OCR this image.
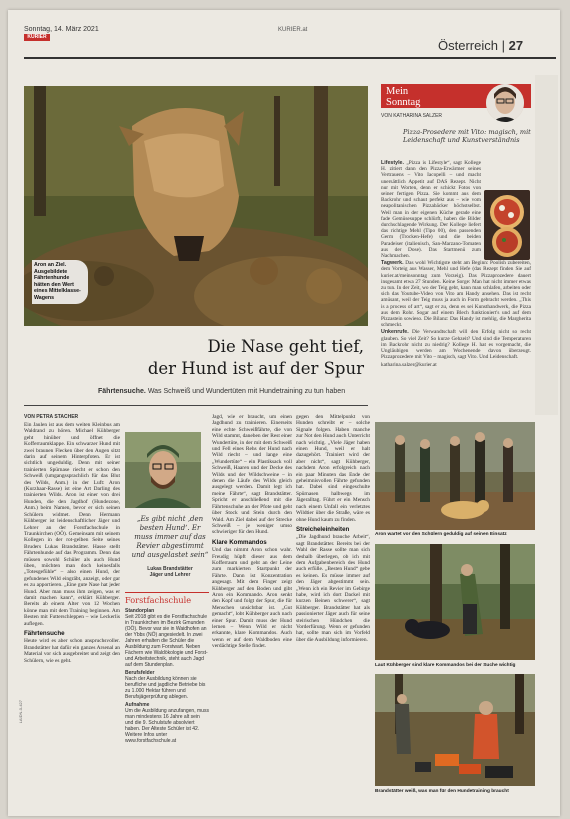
Sonntag, 14. März 2021
KURIER
KURIER.at
Österreich | 27
Aron an Ziel. Ausgebildete Fährtenhunde hätten den Wert eines Mittelklasse-Wagens
Die Nase geht tief,
der Hund ist auf der Spur
Fährtensuche. Was Schweiß und Wundertüten mit Hundetraining zu tun haben
Mein
Sonntag
VON KATHARINA SALZER
Pizza-Prosedere mit Vito: magisch, mit Leidenschaft und Kunstverständnis
Lifestyle. „Pizza is Lifestyle“, sagt Kollege H. zitiert dann den Pizza-Erwärmer seines Vertrauens – Vito Iacopelli – und macht unersättlich Appetit auf DAS Rezept. Nicht nur mit Worten, denn er schickt Fotos von seiner fertigen Pizza. Sie kommt aus dem Backrohr und schaut perfekt aus – wie vom neapolitanischen Pizzabäcker höchstselbst. Weil man in der eigenen Küche gerade eine fade Gemüsesuppe schlürft, haben die Bilder durchschlagende Wirkung. Der Kollege liefert das richtige Mehl (Tipo 00), den passenden Germ (Trocken-Hefe) und die beiden Paradeiser (italienisch, San-Marzano-Tomaten aus der Dose). Das Startmenü zum Nachmachen.
Tagwerk. Das wohl Wichtigste steht am Beginn: Poolish zubereiten, dem Vorteig aus Wasser, Mehl und Hefe (das Rezept finden Sie auf kurier.at/meinsonntag zum Vorzeig). Das Pizzaprozedere dauert insgesamt etwa 27 Stunden. Keine Sorge: Man hat nicht immer etwas zu tun. In der Zeit, wo der Teig geht, kann man schlafen, arbeiten oder sich das Youtube-Video von Vito am Handy ansehen. Das ist recht amüsant, weil der Teig muss ja auch in Form gebracht werden. „This is a process of art“, sagt er zu, denn es sei Kunsthandwerk, die Pizza aus dem Rohr. Sogar auf einem Blech funktioniert's und auf dem Pizzastein sowieso. Die Bilanz: Das Handy ist mehlig, die Margherita schmeckt.
Unkenrufe. Die Verwandtschaft will den Erfolg nicht so recht glauben. So viel Zeit? So kurze Gehzeit? Und sind die Temperaturen im Backrohr nicht zu niedrig? Kollege H. hat es vorgemacht, die Ungläubigen werden am Wochenende davon überzeugt. Pizzaprozedere mit Vito – magisch, sagt Vito. Und Leidenschaft.
katharina.salzer@kurier.at
VON PETRA STACHER
Ein Jaulen ist aus dem weiten Kleinbus am Waldrand zu hören. Michael Kühberger geht hinüber und öffnet die Kofferraumklappe. Ein schwarzer Hund mit zwei braunen Flecken über den Augen sitzt darin auf seinem Hinterpfoten. Er ist sichtlich ungeduldig. Denn mit seiner trainierten Spürnase riecht er schon den Schweiß (umgangssprachlich für das Blut des Wilds, Anm.) in der Luft: Aron (Kurzhaar-Rasse) ist eine Art Darling des trainierten Wilds. Aron ist einer von drei Hunden, die den Jagdhof (Hundezone, Anm.) beim Namen, bevor er sich seinen Schülern widmet. Denn Hermann Kühberger ist leidenschaftlicher Jäger und Lehrer an der Forstfachschule in Traunkirchen (OÖ). Gemeinsam mit seinem Kollegen in der rot-gelben Seite seines Bruders Lukas Brandstätter. Hasse stellt Fährtenhunde auf das Programm. Denn das müssen sowohl Schüler als auch Hund üben, möchten man doch keinesfalls „Totesgefühle“ – also einen Hund, der gefundenes Wild eingräbt, anzeigt, oder gar es zu apportieren. „Eine gute Nase hat jeder Hund. Aber man muss ihm zeigen, was er damit machen kann“, erklärt Kühberger. Bereits ab einem Alter von 12 Wochen könne man mit dem Training beginnen. Am Besten mit Futterschleppen – wie Leckerlis auflegen.
Fährtensuche
Heute wird es aber schon anspruchsvoller. Brandstätter hat dafür ein ganzes Arsenal an Material vor sich ausgebreitet und zeigt den Schülern, wie es geht.
„Es gibt nicht ‚den besten Hund‘. Er muss immer auf das Revier abgestimmt und ausgelastet sein“
Lukas Brandstätter
Jäger und Lehrer
Forstfachschule
Standorplan
Seit 2018 gibt es die Forstfachschule in Traunkirchen im Bezirk Gmunden (OÖ). Bevor war sie in Waidhofen an der Ybbs (NÖ) angesiedelt. In zwei Jahren erhalten die Schüler die Ausbildung zum Forstwart. Neben Fächern wie Waldökologie und Forst- und Arbeitstechnik, steht auch Jagd auf dem Stundenplan.
Berufsfelder
Nach der Ausbildung können sie berufliche und jagdliche Betriebe bis zu 1.000 Hektar führen und Berufsjägerprüfung ablegen.
Aufnahme
Um die Ausbildung anzufangen, muss man mindestens 16 Jahre alt sein und die 9. Schulstufe absolviert haben. Der Alteste Schüler ist 42. Weitere Infos unter www.forstfachschule.at
Jagd, wie er braucht, um einen Jagdhund zu trainieren. Einerseits eine echte Schweißfährte, die von Wild stammt, daneben der Rest einer Wundertüte, in der mit dem Schweiß und Fell eines Rehs der Hund nach Wild riecht – und lange eine „Wundertüte“ – ein Plastiksack voll Schweiß, Haaren und der Decke des Wilds und der Wildschweine – in denen die Läufe des Wilds gleich ausgelegt werden. Damit legt ich meine Fährte“, sagt Brandstätter. Spricht er anschließend mit die Fährtenschuhe an der Pfote und geht über Stock und Stein durch den Wald. Am Ziel dabei auf der Strecke Schweiß – je weniger umso schwieriger für den Hund.
Klare Kommandos
Und das nimmt Aron schon wahr. Freudig hüpft dieser aus dem Kofferraum und geht an der Leine zum markierten Startpunkt der Fährte. Dann ist Konzentration angesagt. Mit dem Finger zeigt Kühberger auf den Boden und gibt Aron ein Kommando. Aron senkt den Kopf und folgt der Spur, die für Menschen unsichtbar ist. „Gut gemacht“, lobt Kühberger auch nach einer Spur. Damit muss der Hund lernen – Wenn Wild er nicht erkannte, klare Kommandos. Auch wenn er auf dem Waldboden eine verdächtige Stelle findet.
gegen den Mittelpunkt von Hunden schreibt er – solche Signale folgen. Haben manche zur Not den Hund auch Unterricht nach wichtig. „Viele Jäger haben einen Hund, weil er halt dazugehört. Trainiert wird der aber nicht“, sagt Kühberger, nachdem Aron erfolgreich nach ein paar Minuten das Ende der geheimnisvollen Fährte gefunden hat. Dabei sind eingeschulte Spürnasen halbwegs im Jägeralltag. Führt er ein Mensch nach einem Unfall ein verletztes Wildtier über die Straße, wäre es ohne Hund kaum zu finden.
Streicheleinheiten
„Die Jagdhund brauche Arbeit“, sagt Brandstätter. Bereits bei der Wahl der Rasse sollte man sich deshalb überlegen, ob ich mit dem Aufgabenbereich des Hund auch erfülle. „Besten Hund“ gebe es keinen. Es müsse immer auf den Jäger abgestimmt sein. „Wenn ich ein Revier im Gebirge habe, wird ich dort Dackel mit kurzen Beinen schwerer“, sagt Kühberger. Brandstätter hat als passionierter Jäger auch für seine steirischen Hündchen die Vorderfürung. Wenn er gefunden hat, sollte man sich im Vorfeld über die Ausbildung informieren.
Aron wartet vor den Schülern geduldig auf seinen Einsatz
Laut Kühberger sind klare Kommandos bei der Suche wichtig
Brandstätter weiß, was man für den Hundetraining braucht
LAIDN-0-427
